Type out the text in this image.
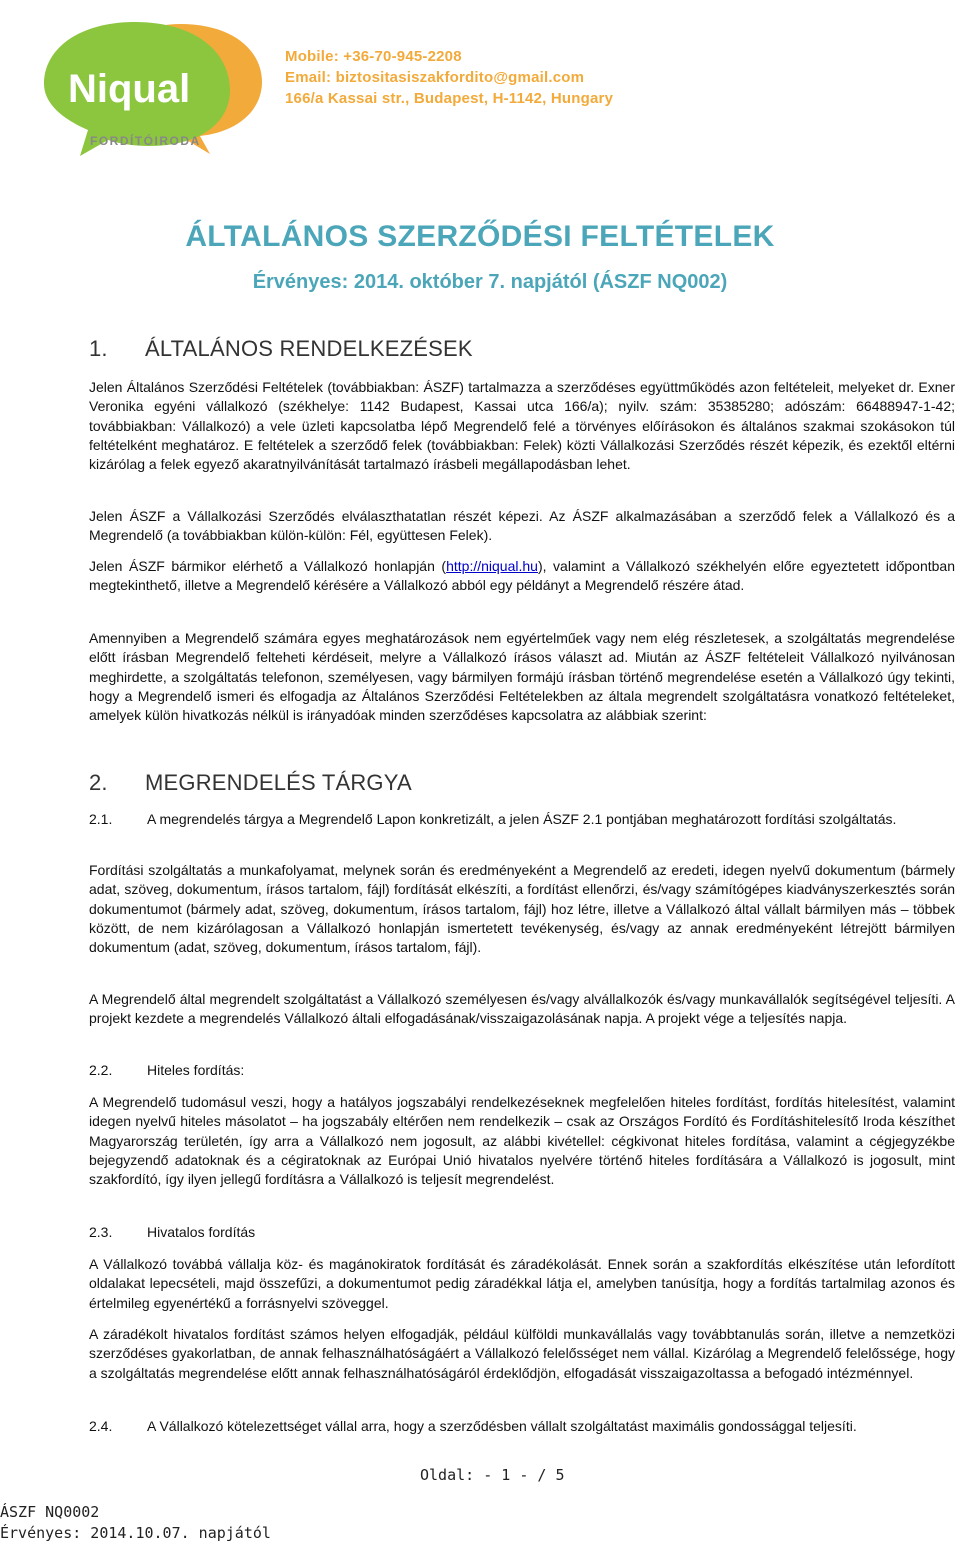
Niqual
FORDÍTÓIRODA
Mobile: +36-70-945-2208
Email: biztositasiszakfordito@gmail.com
166/a Kassai str., Budapest, H-1142, Hungary
ÁLTALÁNOS SZERZŐDÉSI FELTÉTELEK
Érvényes: 2014. október 7. napjától (ÁSZF NQ002)
1. ÁLTALÁNOS RENDELKEZÉSEK

Jelen Általános Szerződési Feltételek (továbbiakban: ÁSZF) tartalmazza a szerződéses együttműködés azon feltételeit, melyeket dr. Exner Veronika egyéni vállalkozó (székhelye: 1142 Budapest, Kassai utca 166/a); nyilv. szám: 35385280; adószám: 66488947-1-42; továbbiakban: Vállalkozó) a vele üzleti kapcsolatba lépő Megrendelő felé a törvényes előírásokon és általános szakmai szokásokon túl feltételként meghatároz. E feltételek a szerződő felek (továbbiakban: Felek) közti Vállalkozási Szerződés részét képezik, és ezektől eltérni kizárólag a felek egyező akaratnyilvánítását tartalmazó írásbeli megállapodásban lehet.

Jelen ÁSZF a Vállalkozási Szerződés elválaszthatatlan részét képezi. Az ÁSZF alkalmazásában a szerződő felek a Vállalkozó és a Megrendelő (a továbbiakban külön-külön: Fél, együttesen Felek).

Jelen ÁSZF bármikor elérhető a Vállalkozó honlapján (http://niqual.hu), valamint a Vállalkozó székhelyén előre egyeztetett időpontban megtekinthető, illetve a Megrendelő kérésére a Vállalkozó abból egy példányt a Megrendelő részére átad.

Amennyiben a Megrendelő számára egyes meghatározások nem egyértelműek vagy nem elég részletesek, a szolgáltatás megrendelése előtt írásban Megrendelő felteheti kérdéseit, melyre a Vállalkozó írásos választ ad. Miután az ÁSZF feltételeit Vállalkozó nyilvánosan meghirdette, a szolgáltatás telefonon, személyesen, vagy bármilyen formájú írásban történő megrendelése esetén a Vállalkozó úgy tekinti, hogy a Megrendelő ismeri és elfogadja az Általános Szerződési Feltételekben az általa megrendelt szolgáltatásra vonatkozó feltételeket, amelyek külön hivatkozás nélkül is irányadóak minden szerződéses kapcsolatra az alábbiak szerint:

2. MEGRENDELÉS TÁRGYA

2.1. A megrendelés tárgya a Megrendelő Lapon konkretizált, a jelen ÁSZF 2.1 pontjában meghatározott fordítási szolgáltatás.

Fordítási szolgáltatás a munkafolyamat, melynek során és eredményeként a Megrendelő az eredeti, idegen nyelvű dokumentum (bármely adat, szöveg, dokumentum, írásos tartalom, fájl) fordítását elkészíti, a fordítást ellenőrzi, és/vagy számítógépes kiadványszerkesztés során dokumentumot (bármely adat, szöveg, dokumentum, írásos tartalom, fájl) hoz létre, illetve a Vállalkozó által vállalt bármilyen más – többek között, de nem kizárólagosan a Vállalkozó honlapján ismertetett tevékenység, és/vagy az annak eredményeként létrejött bármilyen dokumentum (adat, szöveg, dokumentum, írásos tartalom, fájl).

A Megrendelő által megrendelt szolgáltatást a Vállalkozó személyesen és/vagy alvállalkozók és/vagy munkavállalók segítségével teljesíti. A projekt kezdete a megrendelés Vállalkozó általi elfogadásának/visszaigazolásának napja. A projekt vége a teljesítés napja.

2.2. Hiteles fordítás:

A Megrendelő tudomásul veszi, hogy a hatályos jogszabályi rendelkezéseknek megfelelően hiteles fordítást, fordítás hitelesítést, valamint idegen nyelvű hiteles másolatot – ha jogszabály eltérően nem rendelkezik – csak az Országos Fordító és Fordításhitelesítő Iroda készíthet Magyarország területén, így arra a Vállalkozó nem jogosult, az alábbi kivétellel: cégkivonat hiteles fordítása, valamint a cégjegyzékbe bejegyzendő adatoknak és a cégiratoknak az Európai Unió hivatalos nyelvére történő hiteles fordítására a Vállalkozó is jogosult, mint szakfordító, így ilyen jellegű fordításra a Vállalkozó is teljesít megrendelést.

2.3. Hivatalos fordítás

A Vállalkozó továbbá vállalja köz- és magánokiratok fordítását és záradékolását. Ennek során a szakfordítás elkészítése után lefordított oldalakat lepecsételi, majd összefűzi, a dokumentumot pedig záradékkal látja el, amelyben tanúsítja, hogy a fordítás tartalmilag azonos és értelmileg egyenértékű a forrásnyelvi szöveggel.

A záradékolt hivatalos fordítást számos helyen elfogadják, például külföldi munkavállalás vagy továbbtanulás során, illetve a nemzetközi szerződéses gyakorlatban, de annak felhasználhatóságáért a Vállalkozó felelősséget nem vállal. Kizárólag a Megrendelő felelőssége, hogy a szolgáltatás megrendelése előtt annak felhasználhatóságáról érdeklődjön, elfogadását visszaigazoltassa a befogadó intézménnyel.

2.4. A Vállalkozó kötelezettséget vállal arra, hogy a szerződésben vállalt szolgáltatást maximális gondossággal teljesíti.

Oldal: - 1 - / 5
ÁSZF NQ0002
Érvényes: 2014.10.07. napjától
